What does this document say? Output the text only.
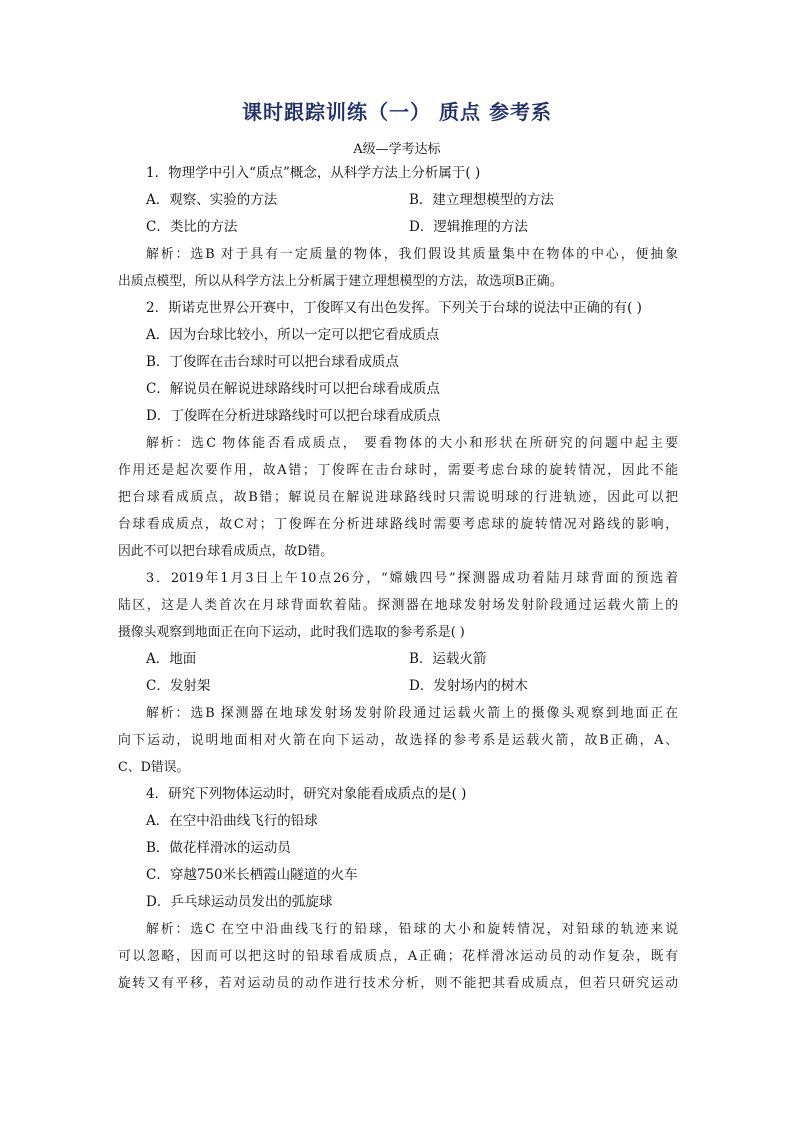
课时跟踪训练（一） 质点 参考系
A级—学考达标
1．物理学中引入“质点”概念，从科学方法上分析属于( )
A．观察、实验的方法	B．建立理想模型的方法
C．类比的方法	D．逻辑推理的方法
解析：选B 对于具有一定质量的物体，我们假设其质量集中在物体的中心，便抽象
出质点模型，所以从科学方法上分析属于建立理想模型的方法，故选项B正确。
2．斯诺克世界公开赛中，丁俊晖又有出色发挥。下列关于台球的说法中正确的有( )
A．因为台球比较小，所以一定可以把它看成质点
B．丁俊晖在击台球时可以把台球看成质点
C．解说员在解说进球路线时可以把台球看成质点
D．丁俊晖在分析进球路线时可以把台球看成质点
解析：选C 物体能否看成质点， 要看物体的大小和形状在所研究的问题中起主要
作用还是起次要作用，故A错；丁俊晖在击台球时，需要考虑台球的旋转情况，因此不能
把台球看成质点，故B错；解说员在解说进球路线时只需说明球的行进轨迹，因此可以把
台球看成质点，故C对；丁俊晖在分析进球路线时需要考虑球的旋转情况对路线的影响，
因此不可以把台球看成质点，故D错。
3．2019年1月3日上午10点26分，“嫦娥四号”探测器成功着陆月球背面的预选着
陆区，这是人类首次在月球背面软着陆。探测器在地球发射场发射阶段通过运载火箭上的
摄像头观察到地面正在向下运动，此时我们选取的参考系是( )
A．地面	B．运载火箭
C．发射架	D．发射场内的树木
解析：选B 探测器在地球发射场发射阶段通过运载火箭上的摄像头观察到地面正在
向下运动，说明地面相对火箭在向下运动，故选择的参考系是运载火箭，故B正确，A、
C、D错误。
4．研究下列物体运动时，研究对象能看成质点的是( )
A．在空中沿曲线飞行的铅球
B．做花样滑冰的运动员
C．穿越750米长栖霞山隧道的火车
D．乒乓球运动员发出的弧旋球
解析：选C 在空中沿曲线飞行的铅球，铅球的大小和旋转情况，对铅球的轨迹来说
可以忽略，因而可以把这时的铅球看成质点，A正确；花样滑冰运动员的动作复杂，既有
旋转又有平移，若对运动员的动作进行技术分析，则不能把其看成质点，但若只研究运动
